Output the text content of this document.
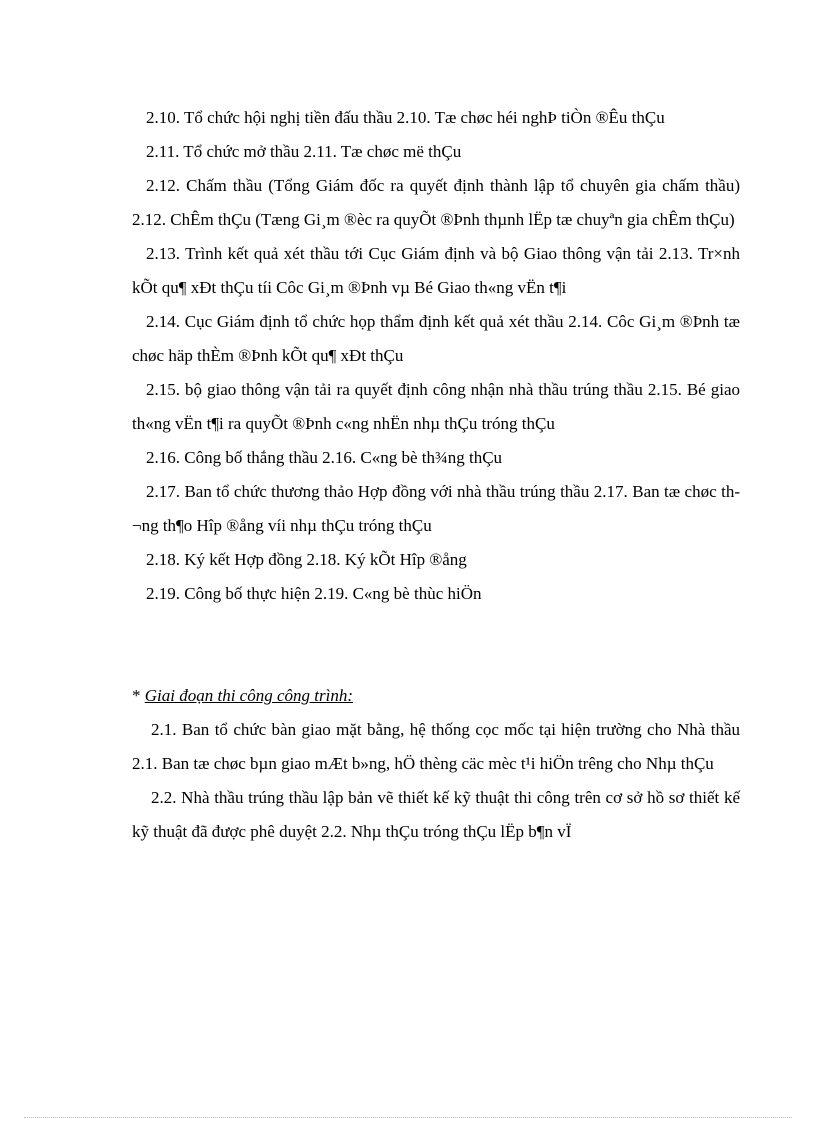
2.10. Tổ chức hội nghị tiền đấu thầu 2.10. Tæ chøc héi nghÞ tiÒn ®Êu thÇu

2.11. Tổ chức mở thầu 2.11. Tæ chøc më thÇu

2.12. Chấm thầu (Tổng Giám đốc ra quyết định thành lập tổ chuyên gia chấm thầu) 2.12. ChÊm thÇu (Tæng Gi¸m ®èc ra quyÕt ®Þnh thµnh lËp tæ chuyªn gia chÊm thÇu)

2.13. Trình kết quả xét thầu tới Cục Giám định và bộ Giao thông vận tải 2.13. Tr×nh kÕt qu¶ xÐt thÇu tíi Côc Gi¸m ®Þnh vµ Bé Giao th«ng vËn t¶i

2.14. Cục Giám định tổ chức họp thẩm định kết quả xét thầu 2.14. Côc Gi¸m ®Þnh tæ chøc häp thÈm ®Þnh kÕt qu¶ xÐt thÇu

2.15. bộ giao thông vận tải ra quyết định công nhận nhà thầu trúng thầu 2.15. Bé giao th«ng vËn t¶i ra quyÕt ®Þnh c«ng nhËn nhµ thÇu tróng thÇu

2.16. Công bố thắng thầu 2.16. C«ng bè th¾ng thÇu

2.17. Ban tổ chức thương thảo Hợp đồng với nhà thầu trúng thầu 2.17. Ban tæ chøc th¬ng th¶o Hîp ®ång víi nhµ thÇu tróng thÇu

2.18. Ký kết Hợp đồng 2.18. Ký kÕt Hîp ®ång

2.19. Công bố thực hiện 2.19. C«ng bè thùc hiÖn

* Giai đoạn thi công công trình:

2.1. Ban tổ chức bàn giao mặt bằng, hệ thống cọc mốc tại hiện trường cho Nhà thầu 2.1. Ban tæ chøc bµn giao mÆt b»ng, hÖ thèng cäc mèc t¹i hiÖn trêng cho Nhµ thÇu

2.2. Nhà thầu trúng thầu lập bản vẽ thiết kế kỹ thuật thi công trên cơ sở hồ sơ thiết kế kỹ thuật đã được phê duyệt 2.2. Nhµ thÇu tróng thÇu lËp b¶n vÏ
